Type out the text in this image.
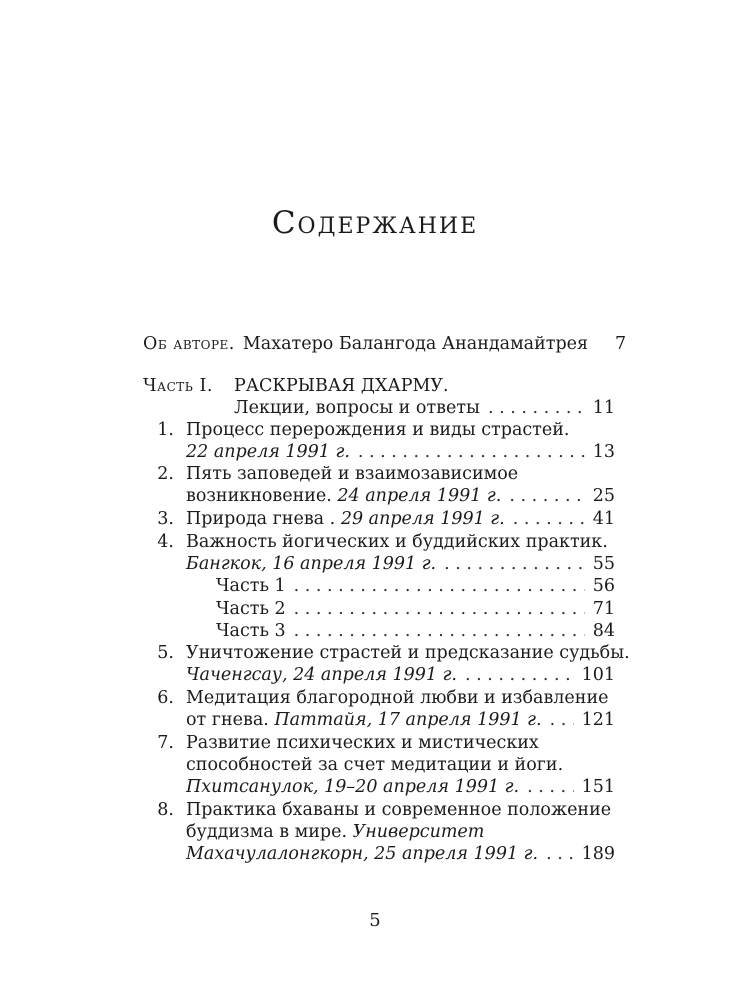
Содержание
Об авторе. Махатеро Балангода Анандамайтрея	7
Часть I.	РАСКРЫВАЯ ДХАРМУ.
Лекции, вопросы и ответы . . .	11
1. Процесс перерождения и виды страстей.
22 апреля 1991 г. . . .	13
2. Пять заповедей и взаимозависимое
возникновение. 24 апреля 1991 г. . . .	25
3. Природа гнева . 29 апреля 1991 г. . . .	41
4. Важность йогических и буддийских практик.
Бангкок, 16 апреля 1991 г. . . .	55
Часть 1 . . .	56
Часть 2 . . .	71
Часть 3 . . .	84
5. Уничтожение страстей и предсказание судьбы.
Чаченгсау, 24 апреля 1991 г. . . .	101
6. Медитация благородной любви и избавление
от гнева. Паттайя, 17 апреля 1991 г. . . . 121
7. Развитие психических и мистических
способностей за счет медитации и йоги.
Пхитсанулок, 19–20 апреля 1991 г. . . .	151
8. Практика бхаваны и современное положение
буддизма в мире. Университет
Махачулалонгкорн, 25 апреля 1991 г. . . . 189
5
